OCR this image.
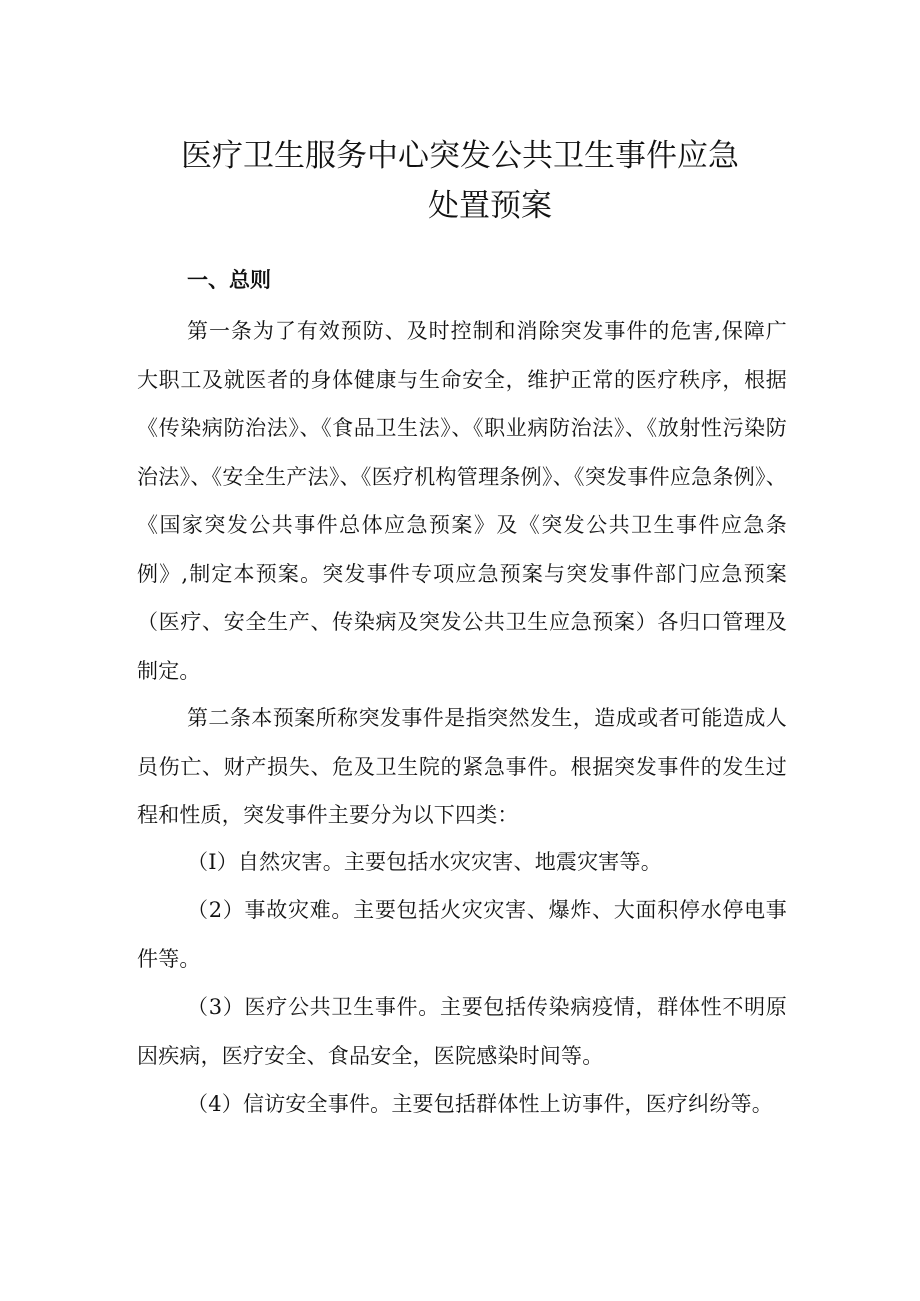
医疗卫生服务中心突发公共卫生事件应急
处置预案
一、总则

第一条为了有效预防、及时控制和消除突发事件的危害,保障广大职工及就医者的身体健康与生命安全，维护正常的医疗秩序，根据《传染病防治法》、《食品卫生法》、《职业病防治法》、《放射性污染防治法》、《安全生产法》、《医疗机构管理条例》、《突发事件应急条例》、《国家突发公共事件总体应急预案》及《突发公共卫生事件应急条例》,制定本预案。突发事件专项应急预案与突发事件部门应急预案（医疗、安全生产、传染病及突发公共卫生应急预案）各归口管理及制定。

第二条本预案所称突发事件是指突然发生，造成或者可能造成人员伤亡、财产损失、危及卫生院的紧急事件。根据突发事件的发生过程和性质，突发事件主要分为以下四类：

（I）自然灾害。主要包括水灾灾害、地震灾害等。

（2）事故灾难。主要包括火灾灾害、爆炸、大面积停水停电事件等。

（3）医疗公共卫生事件。主要包括传染病疫情，群体性不明原因疾病，医疗安全、食品安全，医院感染时间等。

（4）信访安全事件。主要包括群体性上访事件，医疗纠纷等。
